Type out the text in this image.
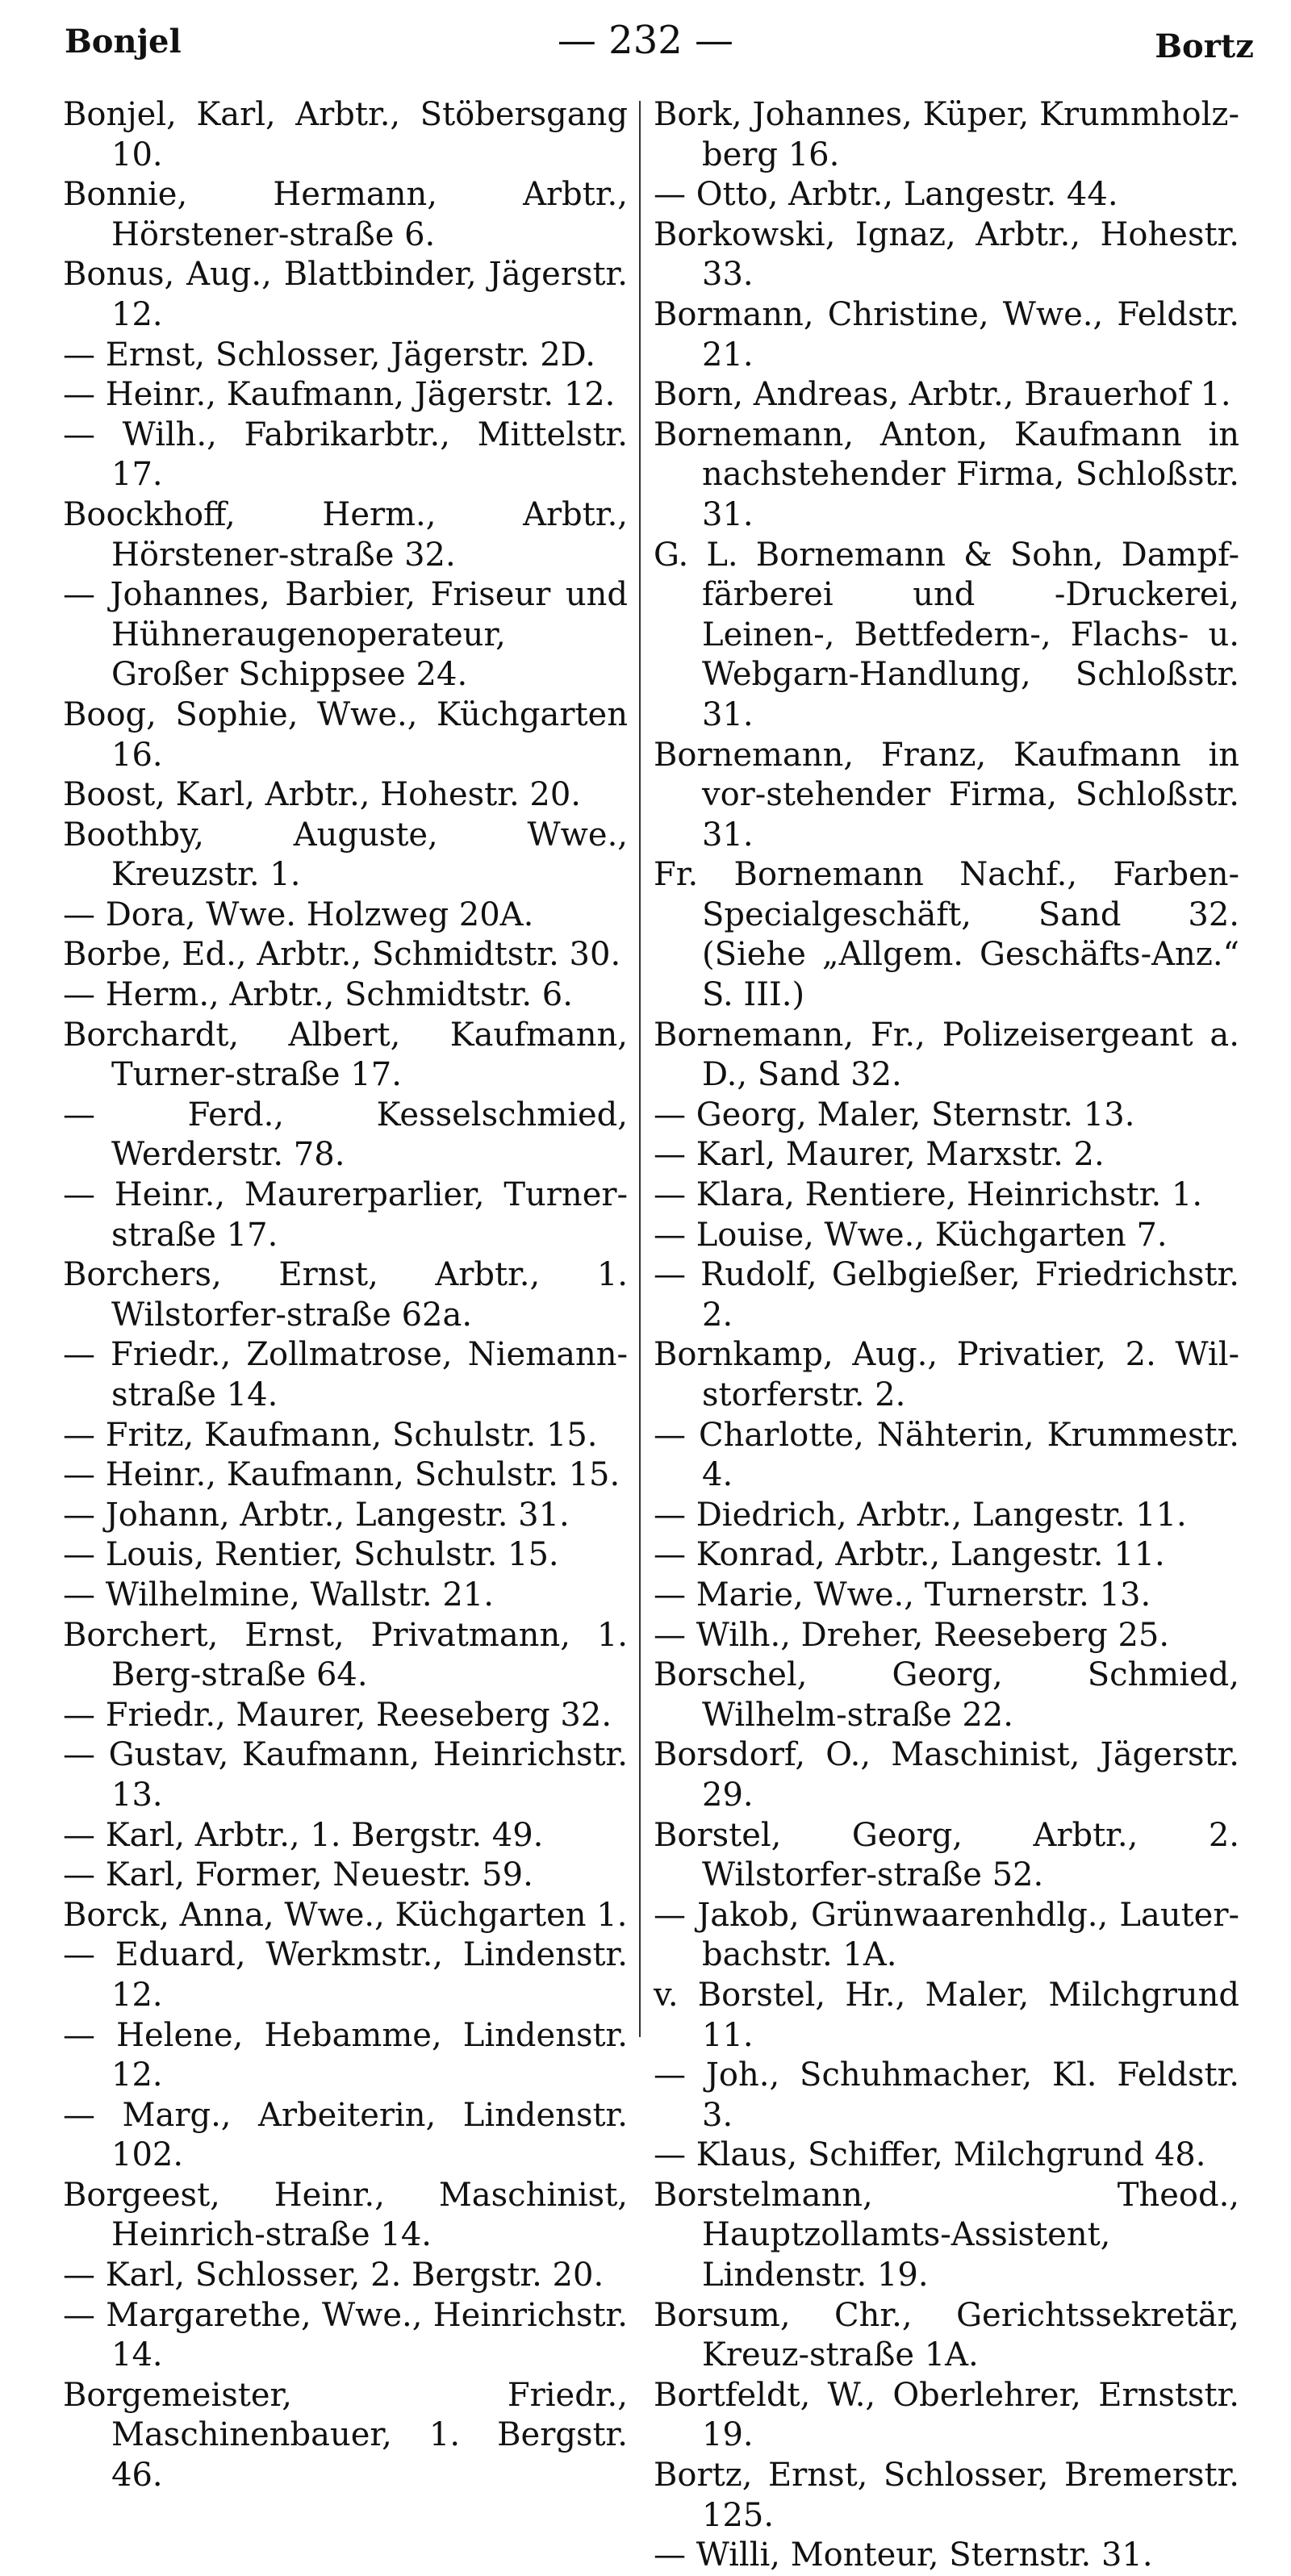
Bonjel	— 232 —	Bortz

Bonjel, Karl, Arbtr., Stöbersgang 10.

Bonnie, Hermann, Arbtr., Hörstener-straße 6.

Bonus, Aug., Blattbinder, Jägerstr. 12.

— Ernst, Schlosser, Jägerstr. 2D.

— Heinr., Kaufmann, Jägerstr. 12.

— Wilh., Fabrikarbtr., Mittelstr. 17.

Boockhoff, Herm., Arbtr., Hörstener-straße 32.

— Johannes, Barbier, Friseur und Hühneraugenoperateur, Großer Schippsee 24.

Boog, Sophie, Wwe., Küchgarten 16.

Boost, Karl, Arbtr., Hohestr. 20.

Boothby, Auguste, Wwe., Kreuzstr. 1.

— Dora, Wwe. Holzweg 20A.

Borbe, Ed., Arbtr., Schmidtstr. 30.

— Herm., Arbtr., Schmidtstr. 6.

Borchardt, Albert, Kaufmann, Turner-straße 17.

— Ferd., Kesselschmied, Werderstr. 78.

— Heinr., Maurerparlier, Turner-straße 17.

Borchers, Ernst, Arbtr., 1. Wilstorfer-straße 62a.

— Friedr., Zollmatrose, Niemann-straße 14.

— Fritz, Kaufmann, Schulstr. 15.

— Heinr., Kaufmann, Schulstr. 15.

— Johann, Arbtr., Langestr. 31.

— Louis, Rentier, Schulstr. 15.

— Wilhelmine, Wallstr. 21.

Borchert, Ernst, Privatmann, 1. Berg-straße 64.

— Friedr., Maurer, Reeseberg 32.

— Gustav, Kaufmann, Heinrichstr. 13.

— Karl, Arbtr., 1. Bergstr. 49.

— Karl, Former, Neuestr. 59.

Borck, Anna, Wwe., Küchgarten 1.

— Eduard, Werkmstr., Lindenstr. 12.

— Helene, Hebamme, Lindenstr. 12.

— Marg., Arbeiterin, Lindenstr. 102.

Borgeest, Heinr., Maschinist, Heinrich-straße 14.

— Karl, Schlosser, 2. Bergstr. 20.

— Margarethe, Wwe., Heinrichstr. 14.

Borgemeister, Friedr., Maschinenbauer, 1. Bergstr. 46.

Bork, Johannes, Küper, Krummholz-berg 16.

— Otto, Arbtr., Langestr. 44.

Borkowski, Ignaz, Arbtr., Hohestr. 33.

Bormann, Christine, Wwe., Feldstr. 21.

Born, Andreas, Arbtr., Brauerhof 1.

Bornemann, Anton, Kaufmann in nachstehender Firma, Schloßstr. 31.

G. L. Bornemann & Sohn, Dampf-färberei und -Druckerei, Leinen-, Bettfedern-, Flachs- u. Webgarn-Handlung, Schloßstr. 31.

Bornemann, Franz, Kaufmann in vor-stehender Firma, Schloßstr. 31.

Fr. Bornemann Nachf., Farben-Specialgeschäft, Sand 32. (Siehe „Allgem. Geschäfts-Anz.“ S. III.)

Bornemann, Fr., Polizeisergeant a. D., Sand 32.

— Georg, Maler, Sternstr. 13.

— Karl, Maurer, Marxstr. 2.

— Klara, Rentiere, Heinrichstr. 1.

— Louise, Wwe., Küchgarten 7.

— Rudolf, Gelbgießer, Friedrichstr. 2.

Bornkamp, Aug., Privatier, 2. Wil-storferstr. 2.

— Charlotte, Nähterin, Krummestr. 4.

— Diedrich, Arbtr., Langestr. 11.

— Konrad, Arbtr., Langestr. 11.

— Marie, Wwe., Turnerstr. 13.

— Wilh., Dreher, Reeseberg 25.

Borschel, Georg, Schmied, Wilhelm-straße 22.

Borsdorf, O., Maschinist, Jägerstr. 29.

Borstel, Georg, Arbtr., 2. Wilstorfer-straße 52.

— Jakob, Grünwaarenhdlg., Lauter-bachstr. 1A.

v. Borstel, Hr., Maler, Milchgrund 11.

— Joh., Schuhmacher, Kl. Feldstr. 3.

— Klaus, Schiffer, Milchgrund 48.

Borstelmann, Theod., Hauptzollamts-Assistent, Lindenstr. 19.

Borsum, Chr., Gerichtssekretär, Kreuz-straße 1A.

Bortfeldt, W., Oberlehrer, Ernststr. 19.

Bortz, Ernst, Schlosser, Bremerstr. 125.

— Willi, Monteur, Sternstr. 31.
